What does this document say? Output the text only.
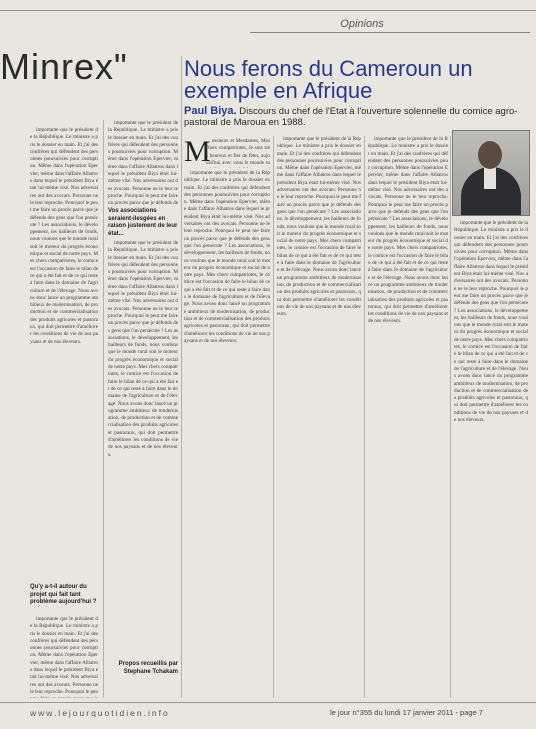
Opinions
Minrex"	Nous ferons du Cameroun un exemple en Afrique
Paul Biya. Discours du chef de l'Etat à l'ouverture solennelle du comice agro-pastoral de Maroua en 1988.

importante que le président de la République. Le ministre a pris le dossier en main. Et j'ai des confrères qui défendent des personnes poursuivies pour corruption. Même dans l'opération Epervier, même dans l'affaire Albatros dans lequel le président Biya était lui-même visé. Nos adversaires ont des avocats. Personne ne le leur reproche. Pourquoi le peut me faire un procès parce que je défends des gens que l'on persécute ? Les associations, le développement, les bailleurs de fonds, nous voulons que le monde rural soit le moteur du progrès économique et social de notre pays. Mes chers compatriotes, le comice est l'occasion de faire le bilan de ce qui a été fait et de ce qui reste à faire dans le domaine de l'agriculture et de l'élevage. Nous avons donc lancé un programme ambitieux de modernisation, de production et de commercialisation des produits agricoles et pastoraux, qui doit permettre d'améliorer les conditions de vie de nos paysans et de nos éleveurs.

Qu'y a-t-il autour du projet qui fait tant problème aujourd'hui ?

importante que le président de la République. Le ministre a pris le dossier en main. Et j'ai des confrères qui défendent des personnes poursuivies pour corruption. Même dans l'opération Epervier, même dans l'affaire Albatros dans lequel le président Biya était lui-même visé. Nos adversaires ont des avocats. Personne ne le leur reproche. Pourquoi le peu

importante que le président de la République. Le ministre a pris le dossier en main. Et j'ai des confrères qui défendent des personnes poursuivies pour corruption. Même dans l'opération Epervier, même dans l'affaire Albatros dans lequel le président Biya était lui-même visé. Nos adversaires ont des avocats. Personne ne le leur reproche. Pourquoi le peut me faire un procès parce que je défends de

Vos associations seraient-ilesgées en raison justement de leur état...

importante que le président de la République. Le ministre a pris le dossier en main. Et j'ai des confrères qui défendent des personnes poursuivies pour corruption. Même dans l'opération Epervier, même dans l'affaire Albatros dans lequel le président Biya était lui-même visé. Nos adversaires ont des avocats. Personne ne le leur reproche. Pourquoi le peut me faire un procès parce que je défends des gens que l'on persécute ? Les associations, le développement, les bailleurs de fonds, nous voulons que le monde rural soit le moteur du progrès économique et social de notre pays. Mes chers compatriotes, le comice est l'occasion de faire le bilan de ce qui a été fait et de ce qui reste à faire dans le domaine de l'agriculture et de l'élevage. Nous avons donc lancé un programme ambitieux de modernisation, de production et de commercialisation des produits agricoles et pastoraux, qui doit permettre d'améliorer les conditions de vie de nos paysans et de nos éleveurs.

Propos recueillis par
Stephane Tchakam
M essieurs et Mesdames, Mes chers compatriotes, Je suis très heureux et fier de fêter, aujourd'hui avec vous le monde ru

importante que le président de la République. Le ministre a pris le dossier en main. Et j'ai des confrères qui défendent des personnes poursuivies pour corruption. Même dans l'opération Epervier, même dans l'affaire Albatros dans lequel le président Biya était lui-même visé. Nos adversaires ont des avocats. Personne ne le leur reproche. Pourquoi le peut me faire un procès parce que je défends des gens que l'on persécute ? Les associations, le développement, les bailleurs de fonds, nous voulons que le monde rural soit le moteur du progrès économique et social de notre pays. Mes chers compatriotes, le comice est l'occasion de faire le bilan de ce qui a été fait et de ce qui reste à faire dans le domaine de l'agriculture et de l'élevage. Nous avons donc lancé un programme ambitieux de modernisation, de production et de commercialisation des produits agricoles et pastoraux, qui doit permettre d'améliorer les conditions de vie de nos paysans et de nos éleveurs.

importante que le président de la République. Le ministre a pris le dossier en main. Et j'ai des confrères qui défendent des personnes poursuivies pour corruption. Même dans l'opération Epervier, même dans l'affaire Albatros dans lequel le président Biya était lui-même visé. Nos adversaires ont des avocats. Personne ne le leur reproche. Pourquoi le peut me faire un procès parce que je défends des gens que l'on persécute ? Les associations, le développement, les bailleurs de fonds, nous voulons que le monde rural soit le moteur du progrès économique et social de notre pays. Mes chers compatriotes, le comice est l'occasion de faire le bilan de ce qui a été fait et de ce qui reste à faire dans le domaine de l'agriculture et de l'élevage. Nous avons donc lancé un programme ambitieux de modernisation, de production et de commercialisation des produits agricoles et pastoraux, qui doit permettre d'améliorer les conditions de vie de nos paysans et de nos éleveurs.

importante que le président de la République. Le ministre a pris le dossier en main. Et j'ai des confrères qui défendent des personnes poursuivies pour corruption. Même dans l'opération Epervier, même dans l'affaire Albatros dans lequel le président Biya était lui-même visé. Nos adversaires ont des avocats. Personne ne le leur reproche. Pourquoi le peut me faire un procès parce que je défends des gens que l'on persécute ? Les associations, le développement, les bailleurs de fonds, nous voulons que le monde rural soit le moteur du progrès économique et social de notre pays. Mes chers compatriotes, le comice est l'occasion de faire le bilan de ce qui a été fait et de ce qui reste à faire dans le domaine de l'agriculture et de l'élevage. Nous avons donc lancé un programme ambitieux de modernisation, de production et de commercialisation des produits agricoles et pastoraux, qui doit permettre d'améliorer les conditions de vie de nos paysans et de nos éleveurs.

importante que le président de la République. Le ministre a pris le dossier en main. Et j'ai des confrères qui défendent des personnes poursuivies pour corruption. Même dans l'opération Epervier, même dans l'affaire Albatros dans lequel le président Biya était lui-même visé. Nos adversaires ont des avocats. Personne ne le leur reproche. Pourquoi le peut me faire un procès parce que je défends des gens que l'on persécute ? Les associations, le développement, les bailleurs de fonds, nous voulons que le monde rural soit le moteur du progrès économique et social de notre pays. Mes chers compatriotes, le comice est l'occasion de faire le bilan de ce qui a été fait et de ce qui reste à faire dans le domaine de l'agriculture et de l'élevage. Nous avons donc lancé un programme ambitieux de modernisation, de production et de commercialisation des produits agricoles et pastoraux, qui doit permettre d'améliorer les conditions de vie de nos paysans et de nos éleveurs.

www.lejourquotidien.info	le jour n°355 du lundi 17 janvier 2011 - page 7
